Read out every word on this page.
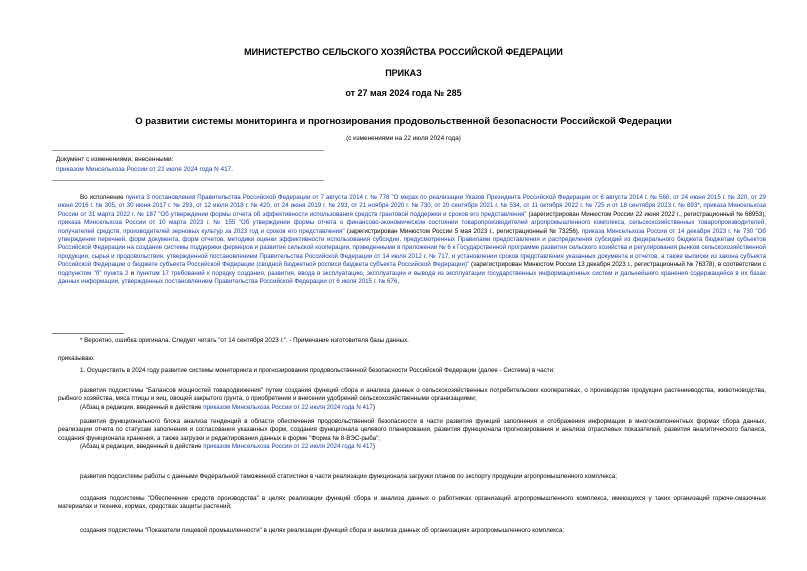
МИНИСТЕРСТВО СЕЛЬСКОГО ХОЗЯЙСТВА РОССИЙСКОЙ ФЕДЕРАЦИИ
ПРИКАЗ
от 27 мая 2024 года № 285
О развитии системы мониторинга и прогнозирования продовольственной безопасности Российской Федерации
(с изменениями на 22 июля 2024 года)
Документ с изменениями, внесенными:
приказом Минсельхоза России от 22 июля 2024 года N 417.

Во исполнение пункта 3 постановления Правительства Российской Федерации от 7 августа 2014 г. № 778 "О мерах по реализации Указов Президента Российской Федерации от 6 августа 2014 г. № 560, от 24 июня 2015 г. № 320, от 29 июня 2016 г. № 305, от 30 июня 2017 г. № 293, от 12 июля 2018 г. № 420, от 24 июня 2019 г. № 293, от 21 ноября 2020 г. № 730, от 20 сентября 2021 г. № 534, от 11 октября 2022 г. № 725 и от 18 сентября 2023 г. № 693*, приказа Минсельхоза России от 31 марта 2022 г. № 187 "Об утверждении формы отчета об эффективности использования средств грантовой поддержки и сроков его представления" (зарегистрирован Минюстом России 22 июня 2022 г., регистрационный № 68953), приказа Минсельхоза России от 10 марта 2023 г. № 155 "Об утверждении формы отчета о финансово-экономическом состоянии товаропроизводителей агропромышленного комплекса, сельскохозяйственных товаропроизводителей, получателей средств, производителей зерновых культур за 2023 год и сроков его представления" (зарегистрирован Минюстом России 5 мая 2023 г., регистрационный № 73256), приказа Минсельхоза России от 14 декабря 2023 г. № 730 "Об утверждении перечней, форм документа, форм отчетов, методики оценки эффективности использования субсидии, предусмотренных Правилами предоставления и распределения субсидий из федерального бюджета бюджетам субъектов Российской Федерации на создание системы поддержки фермеров и развитие сельской кооперации, приведенными в приложении № 6 к Государственной программе развития сельского хозяйства и регулирования рынков сельскохозяйственной продукции, сырья и продовольствия, утвержденной постановлением Правительства Российской Федерации от 14 июля 2012 г. № 717, и установлении сроков представления указанных документа и отчетов, а также выписки из закона субъекта Российской Федерации о бюджете субъекта Российской Федерации (сводной бюджетной росписи бюджета субъекта Российской Федерации)" (зарегистрирован Минюстом России 13 декабря 2023 г., регистрационный № 76378), в соответствии с подпунктом "б" пункта 2 и пунктом 17 требований к порядку создания, развития, ввода в эксплуатацию, эксплуатации и вывода из эксплуатации государственных информационных систем и дальнейшего хранения содержащейся в их базах данных информации, утвержденных постановлением Правительства Российской Федерации от 6 июля 2015 г. № 676,

* Вероятно, ошибка оригинала. Следует читать "от 14 сентября 2023 г.". - Примечание изготовителя базы данных.
приказываю:
1. Осуществить в 2024 году развитие системы мониторинга и прогнозирования продовольственной безопасности Российской Федерации (далее - Система) в части:

развития подсистемы "Балансов мощностей товародвижения" путем создания функций сбора и анализа данных о сельскохозяйственных потребительских кооперативах, о производстве продукции растениеводства, животноводства, рыбного хозяйства, мяса птицы и яиц, овощей закрытого грунта, о приобретении и внесении удобрений сельскохозяйственными организациями;

(Абзац в редакции, введенный в действие приказом Минсельхоза России от 22 июля 2024 года N 417)

развития функционального блока анализа тенденций в области обеспечения продовольственной безопасности в части развития функций заполнения и отображения информации в многокомпонентных формах сбора данных, реализации отчета по статусам заполнения и согласования указанных форм, создания функционала целевого планирования, развития функционала прогнозирования и анализа отраслевых показателей, развития аналитического баланса, создания функционала хранения, а также загрузки и редактирования данных в форме "Форма № 8-ВЭС-рыба";

(Абзац в редакции, введенный в действие приказом Минсельхоза России от 22 июля 2024 года N 417)

развития подсистемы работы с данными Федеральной таможенной статистики в части реализации функционала загрузки планов по экспорту продукции агропромышленного комплекса;

создания подсистемы "Обеспечение средств производства" в целях реализации функций сбора и анализа данных о работниках организаций агропромышленного комплекса, имеющихся у таких организаций горюче-смазочных материалах и технике, кормах, средствах защиты растений;

создания подсистемы "Показатели пищевой промышленности" в целях реализации функций сбора и анализа данных об организациях агропромышленного комплекса;
